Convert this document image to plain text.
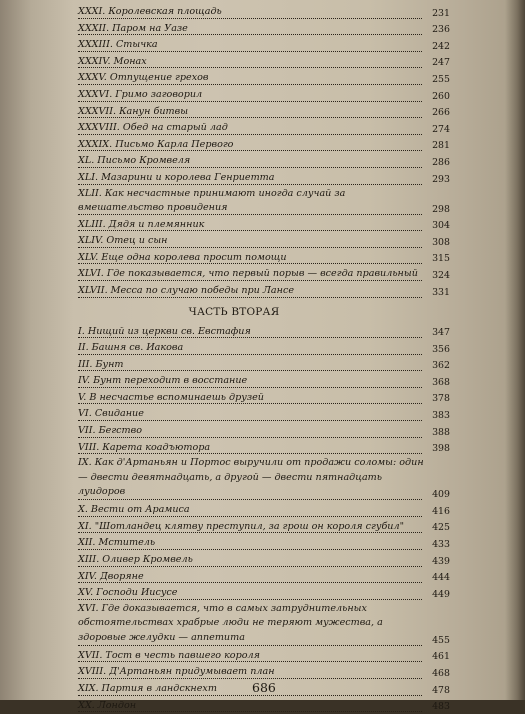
XXXI. Королевская площадь	231
XXXII. Паром на Уазе	236
XXXIII. Стычка	242
XXXIV. Монах	247
XXXV. Отпущение грехов	255
XXXVI. Гримо заговорил	260
XXXVII. Канун битвы	266
XXXVIII. Обед на старый лад	274
XXXIX. Письмо Карла Первого	281
XL. Письмо Кромвеля	286
XLI. Мазарини и королева Генриетта	293
XLII. Как несчастные принимают иногда случай за вмешательство провидения	298
XLIII. Дядя и племянник	304
XLIV. Отец и сын	308
XLV. Еще одна королева просит помощи	315
XLVI. Где показывается, что первый порыв — всегда правильный 324
XLVII. Месса по случаю победы при Лансе	331
ЧАСТЬ ВТОРАЯ
I. Нищий из церкви св. Евстафия	347
II. Башня св. Иакова	356
III. Бунт	362
IV. Бунт переходит в восстание	368
V. В несчастье вспоминаешь друзей	378
VI. Свидание	383
VII. Бегство	388
VIII. Карета коадъютора	398
IX. Как д'Артаньян и Портос выручили от продажи соломы: один — двести девятнадцать, а другой — двести пятнадцать луидоров	409
X. Вести от Арамиса	416
XI. "Шотландец клятву преступил, за грош он короля сгубил"	425
XII. Мститель	433
XIII. Оливер Кромвель	439
XIV. Дворяне	444
XV. Господи Иисусе	449
XVI. Где доказывается, что в самых затруднительных обстоятельствах храбрые люди не теряют мужества, а здоровые желудки — аппетита	455
XVII. Тост в честь павшего короля	461
XVIII. Д'Артаньян придумывает план	468
XIX. Партия в ландскнехт	478
XX. Лондон	483
686
